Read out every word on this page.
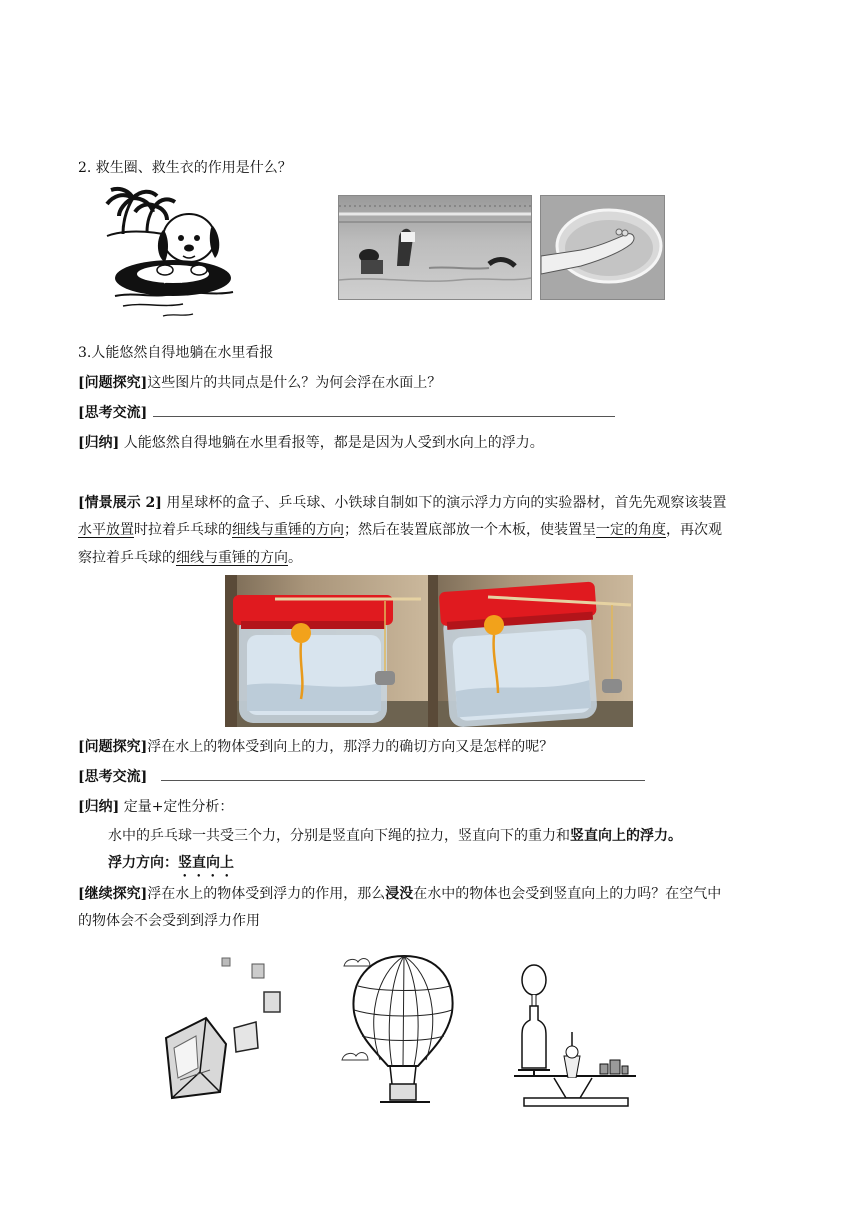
2. 救生圈、救生衣的作用是什么？
3.人能悠然自得地躺在水里看报
[问题探究]这些图片的共同点是什么？为何会浮在水面上？
[思考交流]
[归纳] 人能悠然自得地躺在水里看报等，都是是因为人受到水向上的浮力。
[情景展示 2] 用星球杯的盒子、乒乓球、小铁球自制如下的演示浮力方向的实验器材，首先先观察该装置
水平放置时拉着乒乓球的细线与重锤的方向；然后在装置底部放一个木板，使装置呈一定的角度，再次观
察拉着乒乓球的细线与重锤的方向。
[问题探究]浮在水上的物体受到向上的力，那浮力的确切方向又是怎样的呢？
[思考交流]
[归纳] 定量+定性分析：
水中的乒乓球一共受三个力，分别是竖直向下绳的拉力，竖直向下的重力和竖直向上的浮力。
浮力方向：竖直向上
[继续探究]浮在水上的物体受到浮力的作用，那么浸没在水中的物体也会受到竖直向上的力吗？在空气中
的物体会不会受到到浮力作用
